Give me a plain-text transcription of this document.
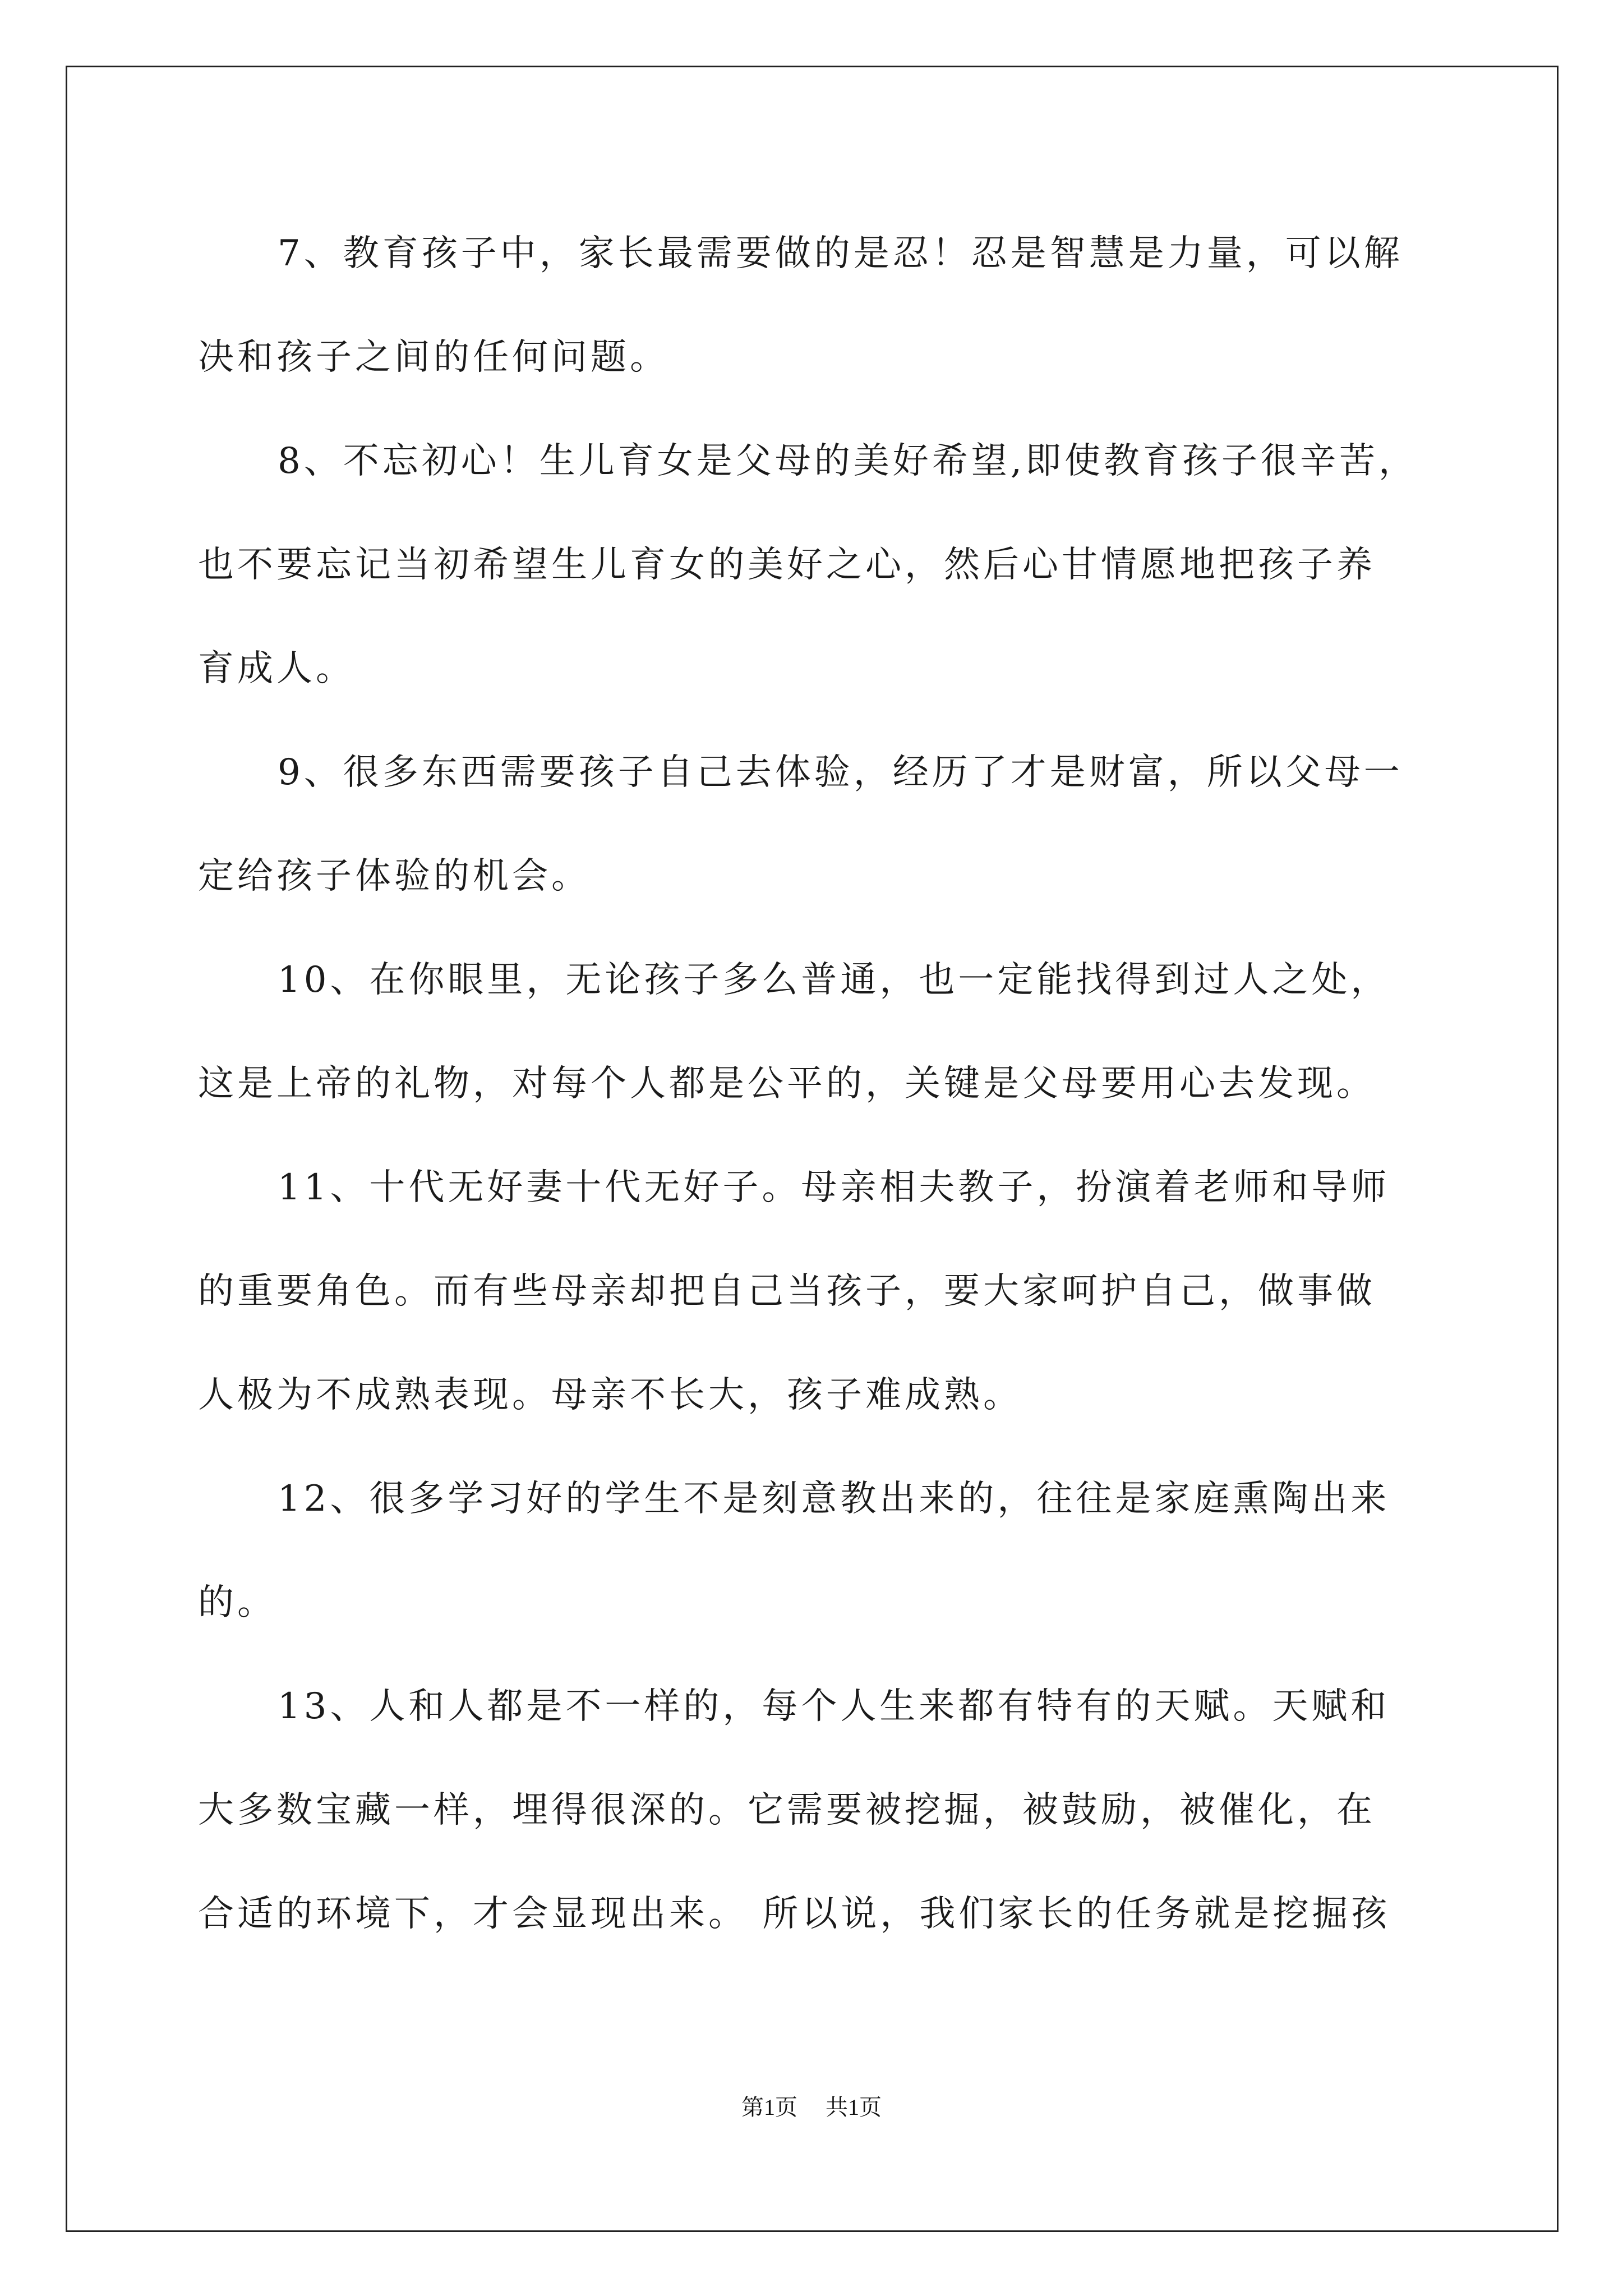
7、教育孩子中，家长最需要做的是忍！忍是智慧是力量，可以解
决和孩子之间的任何问题。
8、不忘初心！生儿育女是父母的美好希望,即使教育孩子很辛苦，
也不要忘记当初希望生儿育女的美好之心，然后心甘情愿地把孩子养
育成人。
9、很多东西需要孩子自己去体验，经历了才是财富，所以父母一
定给孩子体验的机会。
10、在你眼里，无论孩子多么普通，也一定能找得到过人之处，
这是上帝的礼物，对每个人都是公平的，关键是父母要用心去发现。
11、十代无好妻十代无好子。母亲相夫教子，扮演着老师和导师
的重要角色。而有些母亲却把自己当孩子，要大家呵护自己，做事做
人极为不成熟表现。母亲不长大，孩子难成熟。
12、很多学习好的学生不是刻意教出来的，往往是家庭熏陶出来
的。
13、人和人都是不一样的，每个人生来都有特有的天赋。天赋和
大多数宝藏一样，埋得很深的。它需要被挖掘，被鼓励，被催化，在
合适的环境下，才会显现出来。 所以说，我们家长的任务就是挖掘孩
第1页 共1页
